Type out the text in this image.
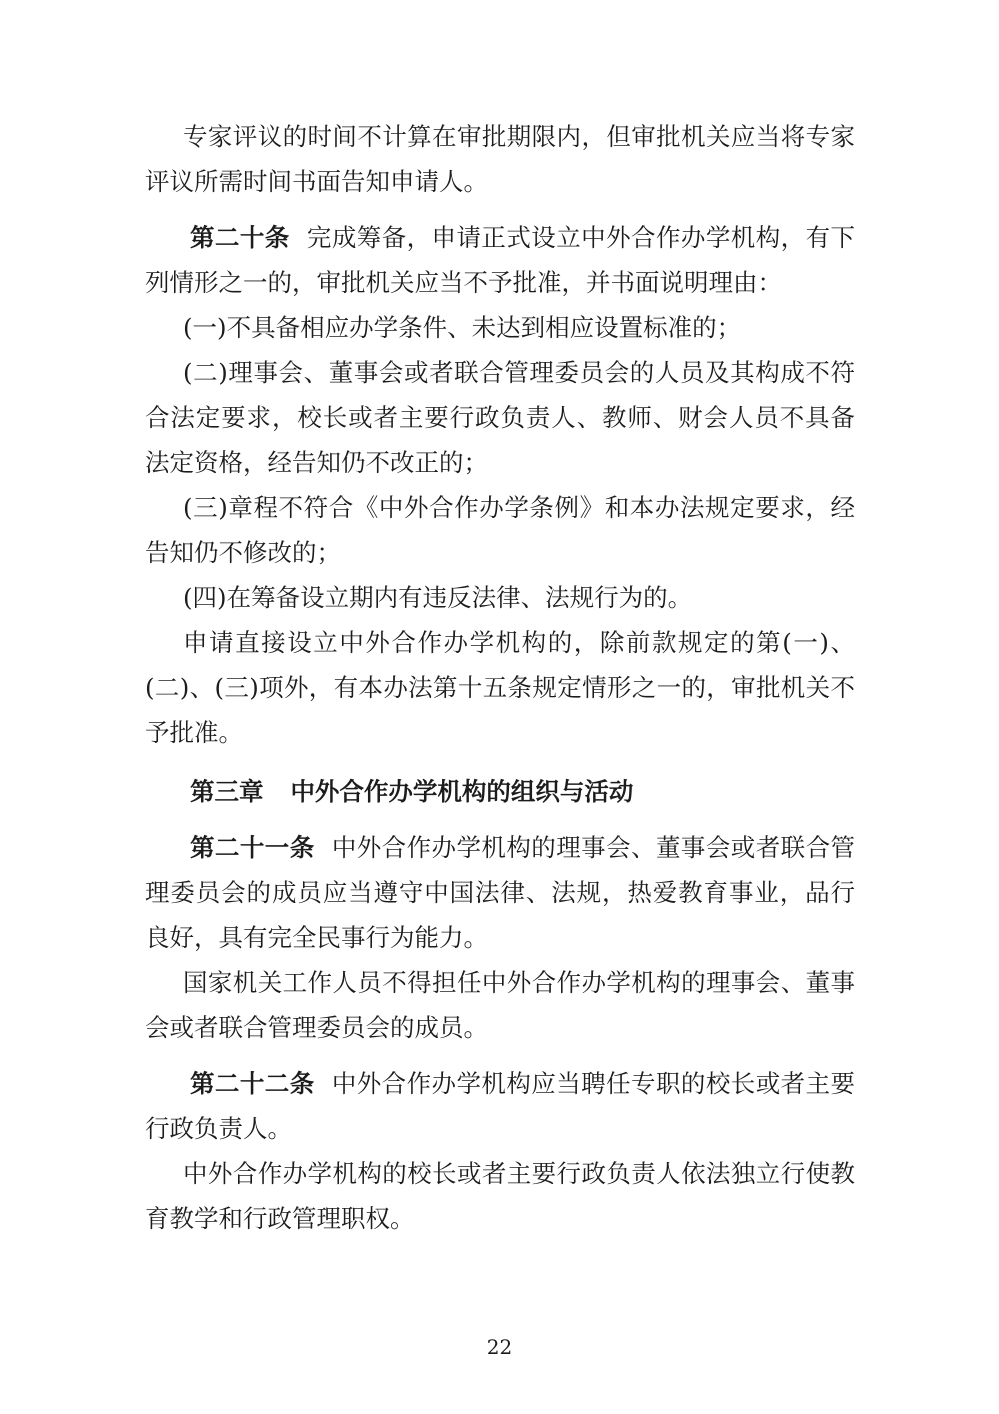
专家评议的时间不计算在审批期限内，但审批机关应当将专家评议所需时间书面告知申请人。

第二十条 完成筹备，申请正式设立中外合作办学机构，有下列情形之一的，审批机关应当不予批准，并书面说明理由：

(一)不具备相应办学条件、未达到相应设置标准的；

(二)理事会、董事会或者联合管理委员会的人员及其构成不符合法定要求，校长或者主要行政负责人、教师、财会人员不具备法定资格，经告知仍不改正的；

(三)章程不符合《中外合作办学条例》和本办法规定要求，经告知仍不修改的；

(四)在筹备设立期内有违反法律、法规行为的。

申请直接设立中外合作办学机构的，除前款规定的第(一)、(二)、(三)项外，有本办法第十五条规定情形之一的，审批机关不予批准。

第三章 中外合作办学机构的组织与活动

第二十一条 中外合作办学机构的理事会、董事会或者联合管理委员会的成员应当遵守中国法律、法规，热爱教育事业，品行良好，具有完全民事行为能力。

国家机关工作人员不得担任中外合作办学机构的理事会、董事会或者联合管理委员会的成员。

第二十二条 中外合作办学机构应当聘任专职的校长或者主要行政负责人。

中外合作办学机构的校长或者主要行政负责人依法独立行使教育教学和行政管理职权。

22
